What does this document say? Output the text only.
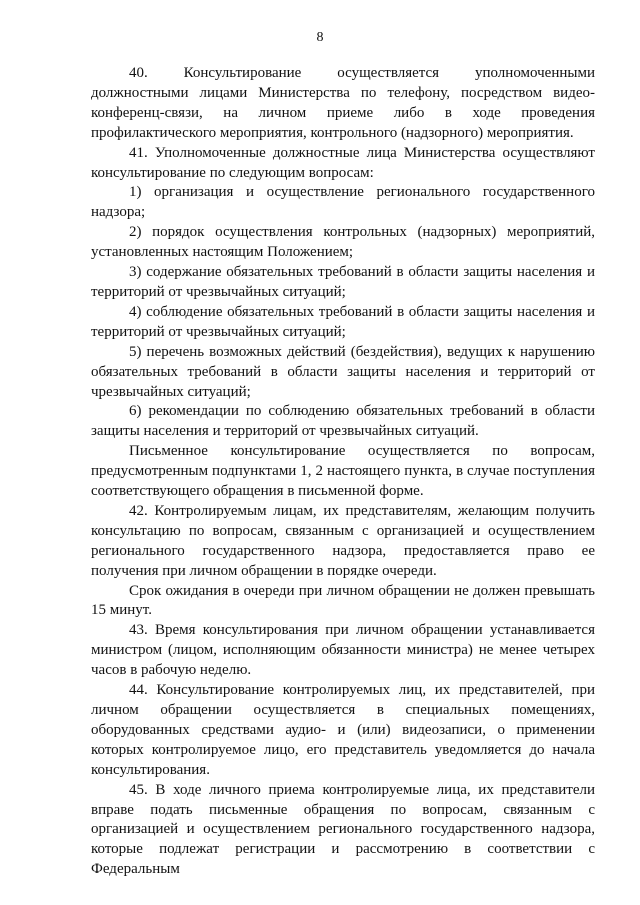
8

40. Консультирование осуществляется уполномоченными должностными лицами Министерства по телефону, посредством видео-конференц-связи, на личном приеме либо в ходе проведения профилактического мероприятия, контрольного (надзорного) мероприятия.

41. Уполномоченные должностные лица Министерства осуществляют консультирование по следующим вопросам:

1) организация и осуществление регионального государственного надзора;

2) порядок осуществления контрольных (надзорных) мероприятий, установленных настоящим Положением;

3) содержание обязательных требований в области защиты населения и территорий от чрезвычайных ситуаций;

4) соблюдение обязательных требований в области защиты населения и территорий от чрезвычайных ситуаций;

5) перечень возможных действий (бездействия), ведущих к нарушению обязательных требований в области защиты населения и территорий от чрезвычайных ситуаций;

6) рекомендации по соблюдению обязательных требований в области защиты населения и территорий от чрезвычайных ситуаций.

Письменное консультирование осуществляется по вопросам, предусмотренным подпунктами 1, 2 настоящего пункта, в случае поступления соответствующего обращения в письменной форме.

42. Контролируемым лицам, их представителям, желающим получить консультацию по вопросам, связанным с организацией и осуществлением регионального государственного надзора, предоставляется право ее получения при личном обращении в порядке очереди.

Срок ожидания в очереди при личном обращении не должен превышать 15 минут.

43. Время консультирования при личном обращении устанавливается министром (лицом, исполняющим обязанности министра) не менее четырех часов в рабочую неделю.

44. Консультирование контролируемых лиц, их представителей, при личном обращении осуществляется в специальных помещениях, оборудованных средствами аудио- и (или) видеозаписи, о применении которых контролируемое лицо, его представитель уведомляется до начала консультирования.

45. В ходе личного приема контролируемые лица, их представители вправе подать письменные обращения по вопросам, связанным с организацией и осуществлением регионального государственного надзора, которые подлежат регистрации и рассмотрению в соответствии с Федеральным
